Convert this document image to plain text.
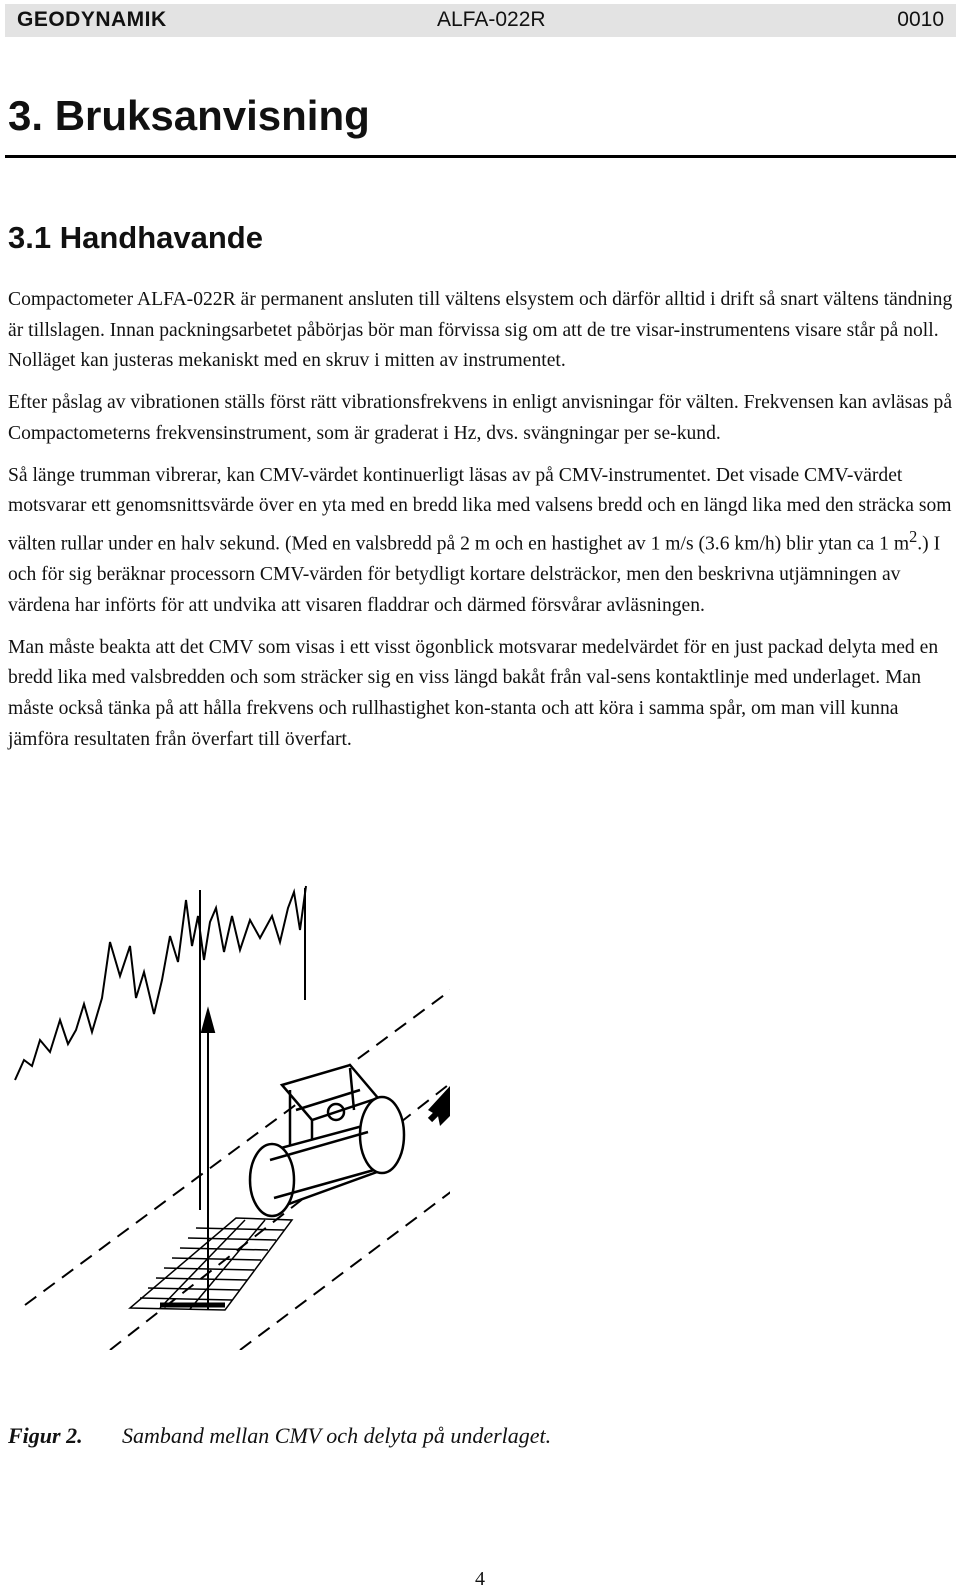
GEODYNAMIK	ALFA-022R	0010
3. Bruksanvisning
3.1 Handhavande

Compactometer ALFA-022R är permanent ansluten till vältens elsystem och därför alltid i drift så snart vältens tändning är tillslagen. Innan packningsarbetet påbörjas bör man förvissa sig om att de tre visar-instrumentens visare står på noll. Nolläget kan justeras mekaniskt med en skruv i mitten av instrumentet.

Efter påslag av vibrationen ställs först rätt vibrationsfrekvens in enligt anvisningar för välten. Frekvensen kan avläsas på Compactometerns frekvensinstrument, som är graderat i Hz, dvs. svängningar per se-kund.

Så länge trumman vibrerar, kan CMV-värdet kontinuerligt läsas av på CMV-instrumentet. Det visade CMV-värdet motsvarar ett genomsnittsvärde över en yta med en bredd lika med valsens bredd och en längd lika med den sträcka som välten rullar under en halv sekund. (Med en valsbredd på 2 m och en hastighet av 1 m/s (3.6 km/h) blir ytan ca 1 $m^2$.) I och för sig beräknar processorn CMV-värden för betydligt kortare delsträckor, men den beskrivna utjämningen av värdena har införts för att undvika att visaren fladdrar och därmed försvårar avläsningen.

Man måste beakta att det CMV som visas i ett visst ögonblick motsvarar medelvärdet för en just packad delyta med en bredd lika med valsbredden och som sträcker sig en viss längd bakåt från val-sens kontaktlinje med underlaget. Man måste också tänka på att hålla frekvens och rullhastighet kon-stanta och att köra i samma spår, om man vill kunna jämföra resultaten från överfart till överfart.

Figur 2. Samband mellan CMV och delyta på underlaget.
4
